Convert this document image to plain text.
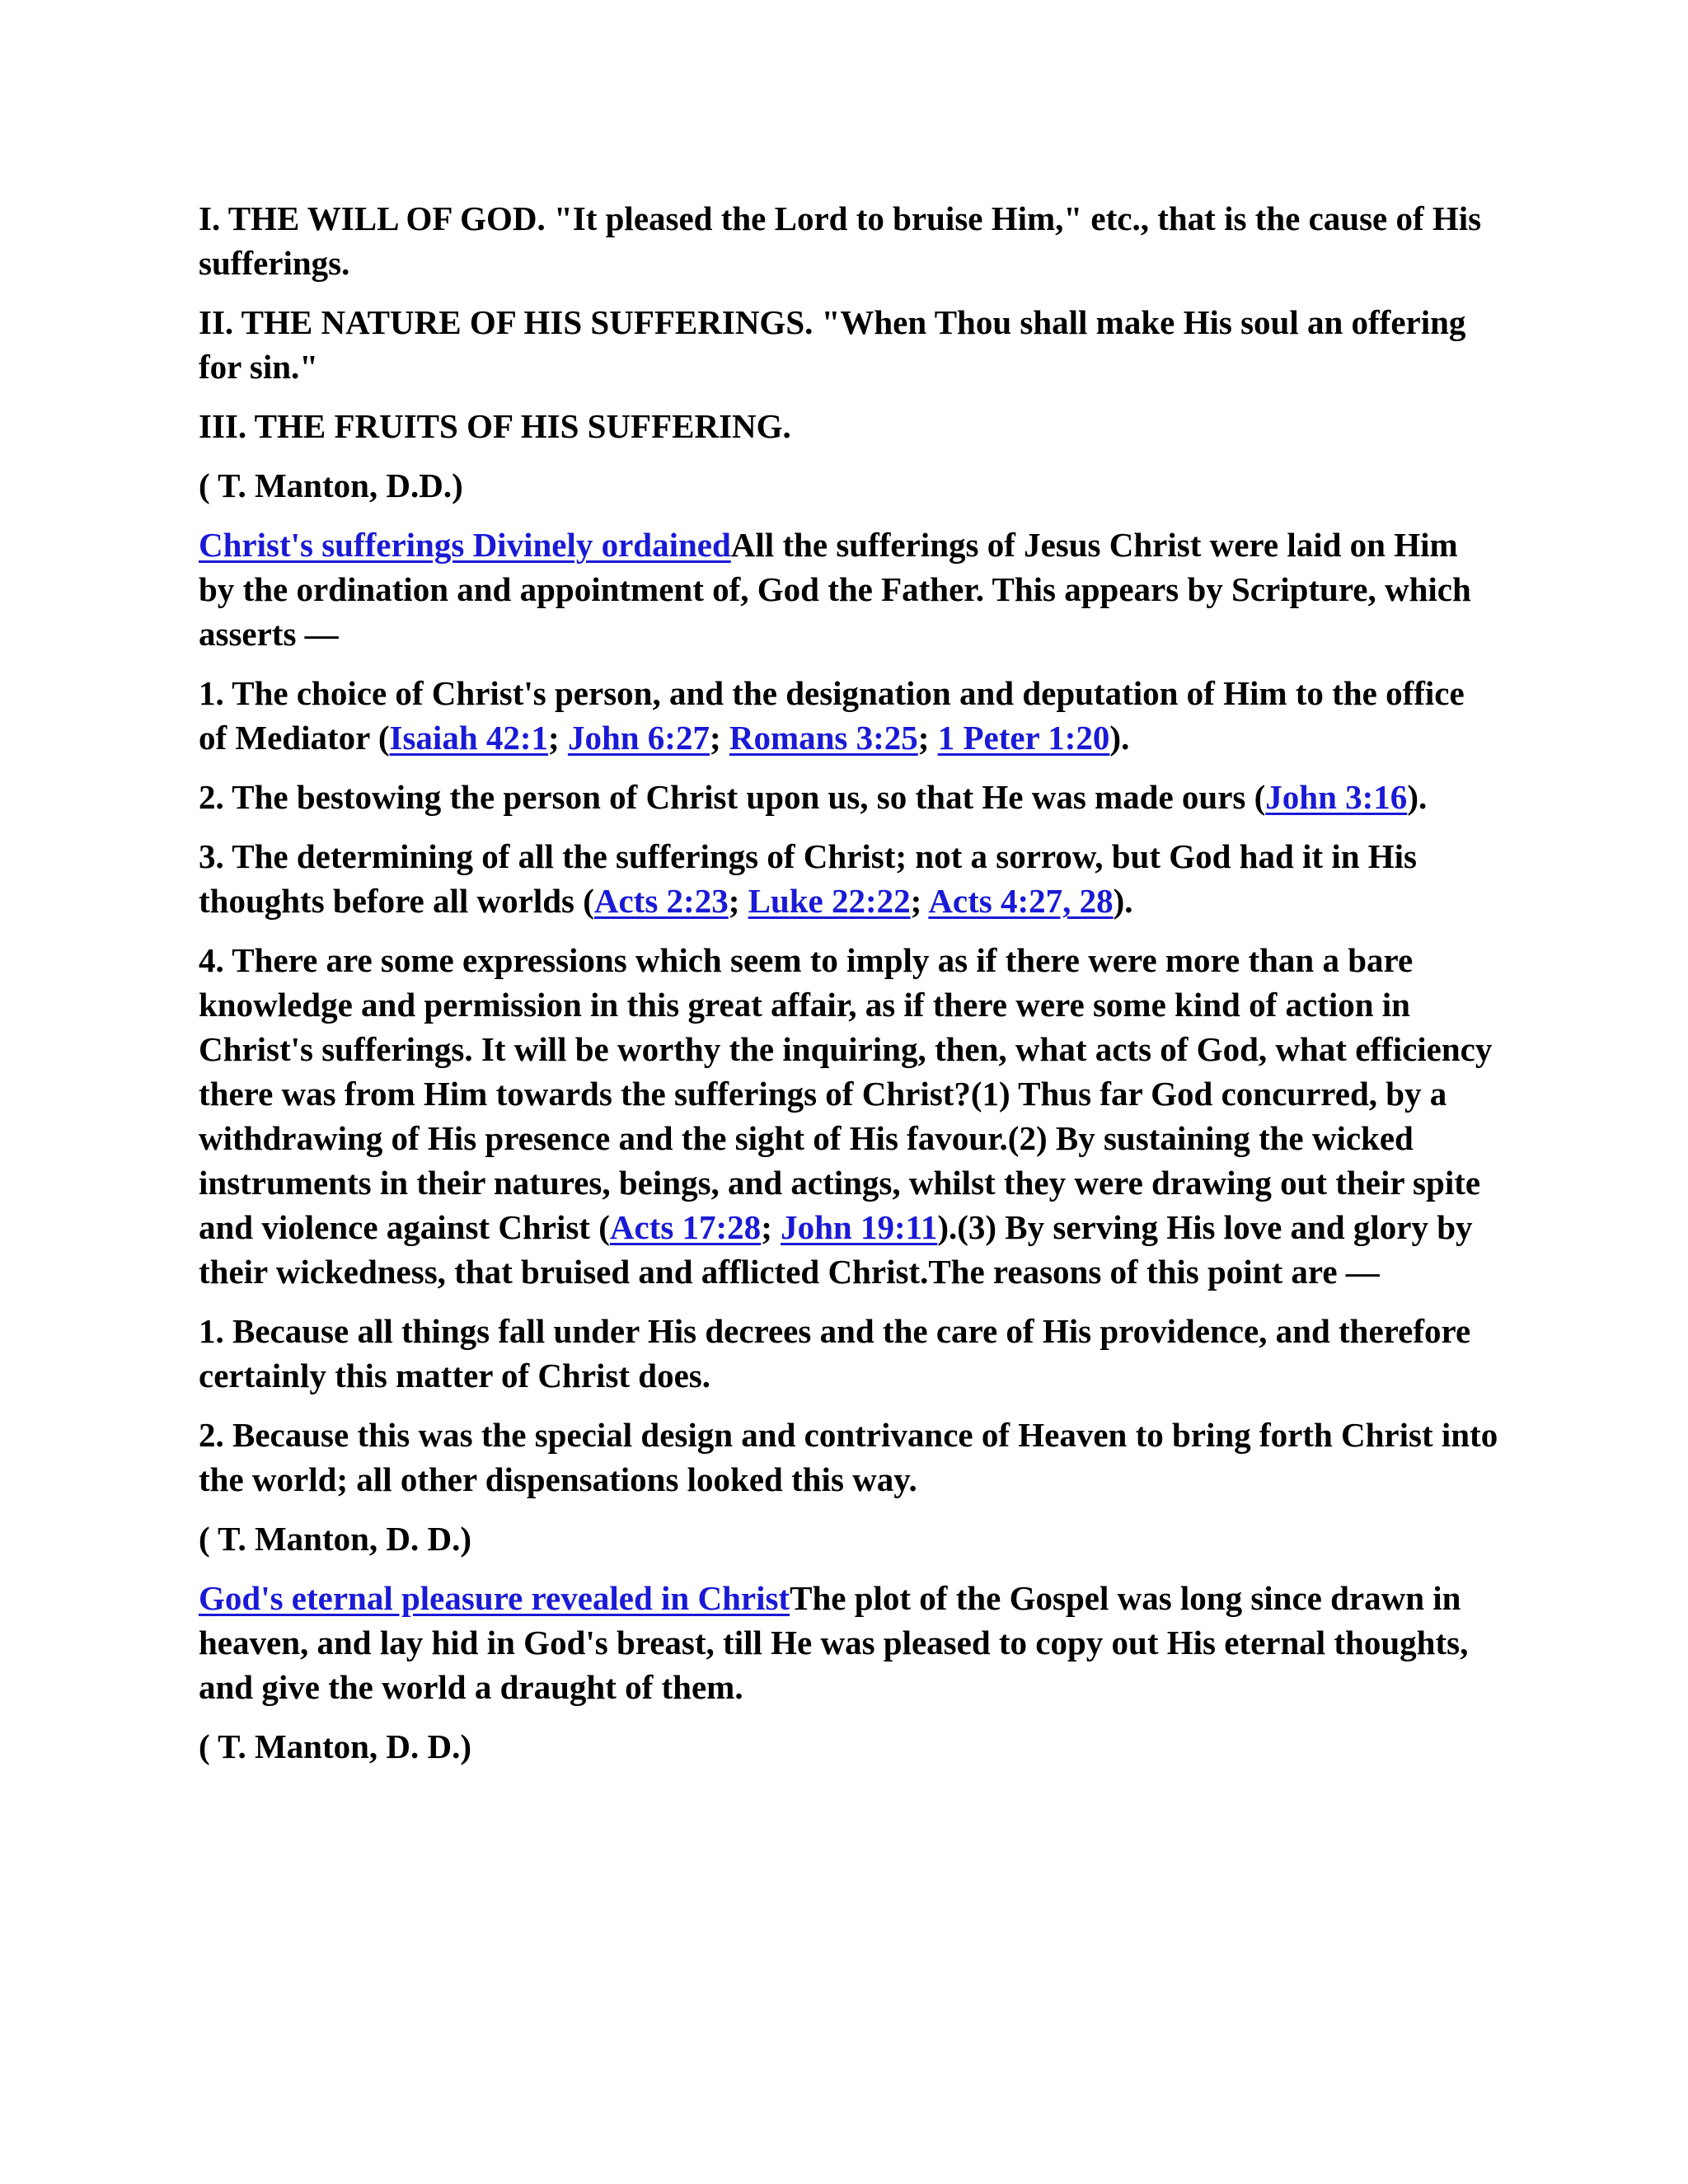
I. THE WILL OF GOD. "It pleased the Lord to bruise Him," etc., that is the cause of His sufferings.

II. THE NATURE OF HIS SUFFERINGS. "When Thou shall make His soul an offering for sin."

III. THE FRUITS OF HIS SUFFERING.

( T. Manton, D.D.)

Christ's sufferings Divinely ordainedAll the sufferings of Jesus Christ were laid on Him by the ordination and appointment of, God the Father. This appears by Scripture, which asserts —

1. The choice of Christ's person, and the designation and deputation of Him to the office of Mediator (Isaiah 42:1; John 6:27; Romans 3:25; 1 Peter 1:20).

2. The bestowing the person of Christ upon us, so that He was made ours (John 3:16).

3. The determining of all the sufferings of Christ; not a sorrow, but God had it in His thoughts before all worlds (Acts 2:23; Luke 22:22; Acts 4:27, 28).

4. There are some expressions which seem to imply as if there were more than a bare knowledge and permission in this great affair, as if there were some kind of action in Christ's sufferings. It will be worthy the inquiring, then, what acts of God, what efficiency there was from Him towards the sufferings of Christ?(1) Thus far God concurred, by a withdrawing of His presence and the sight of His favour.(2) By sustaining the wicked instruments in their natures, beings, and actings, whilst they were drawing out their spite and violence against Christ (Acts 17:28; John 19:11).(3) By serving His love and glory by their wickedness, that bruised and afflicted Christ.The reasons of this point are —

1. Because all things fall under His decrees and the care of His providence, and therefore certainly this matter of Christ does.

2. Because this was the special design and contrivance of Heaven to bring forth Christ into the world; all other dispensations looked this way.

( T. Manton, D. D.)

God's eternal pleasure revealed in ChristThe plot of the Gospel was long since drawn in heaven, and lay hid in God's breast, till He was pleased to copy out His eternal thoughts, and give the world a draught of them.

( T. Manton, D. D.)
